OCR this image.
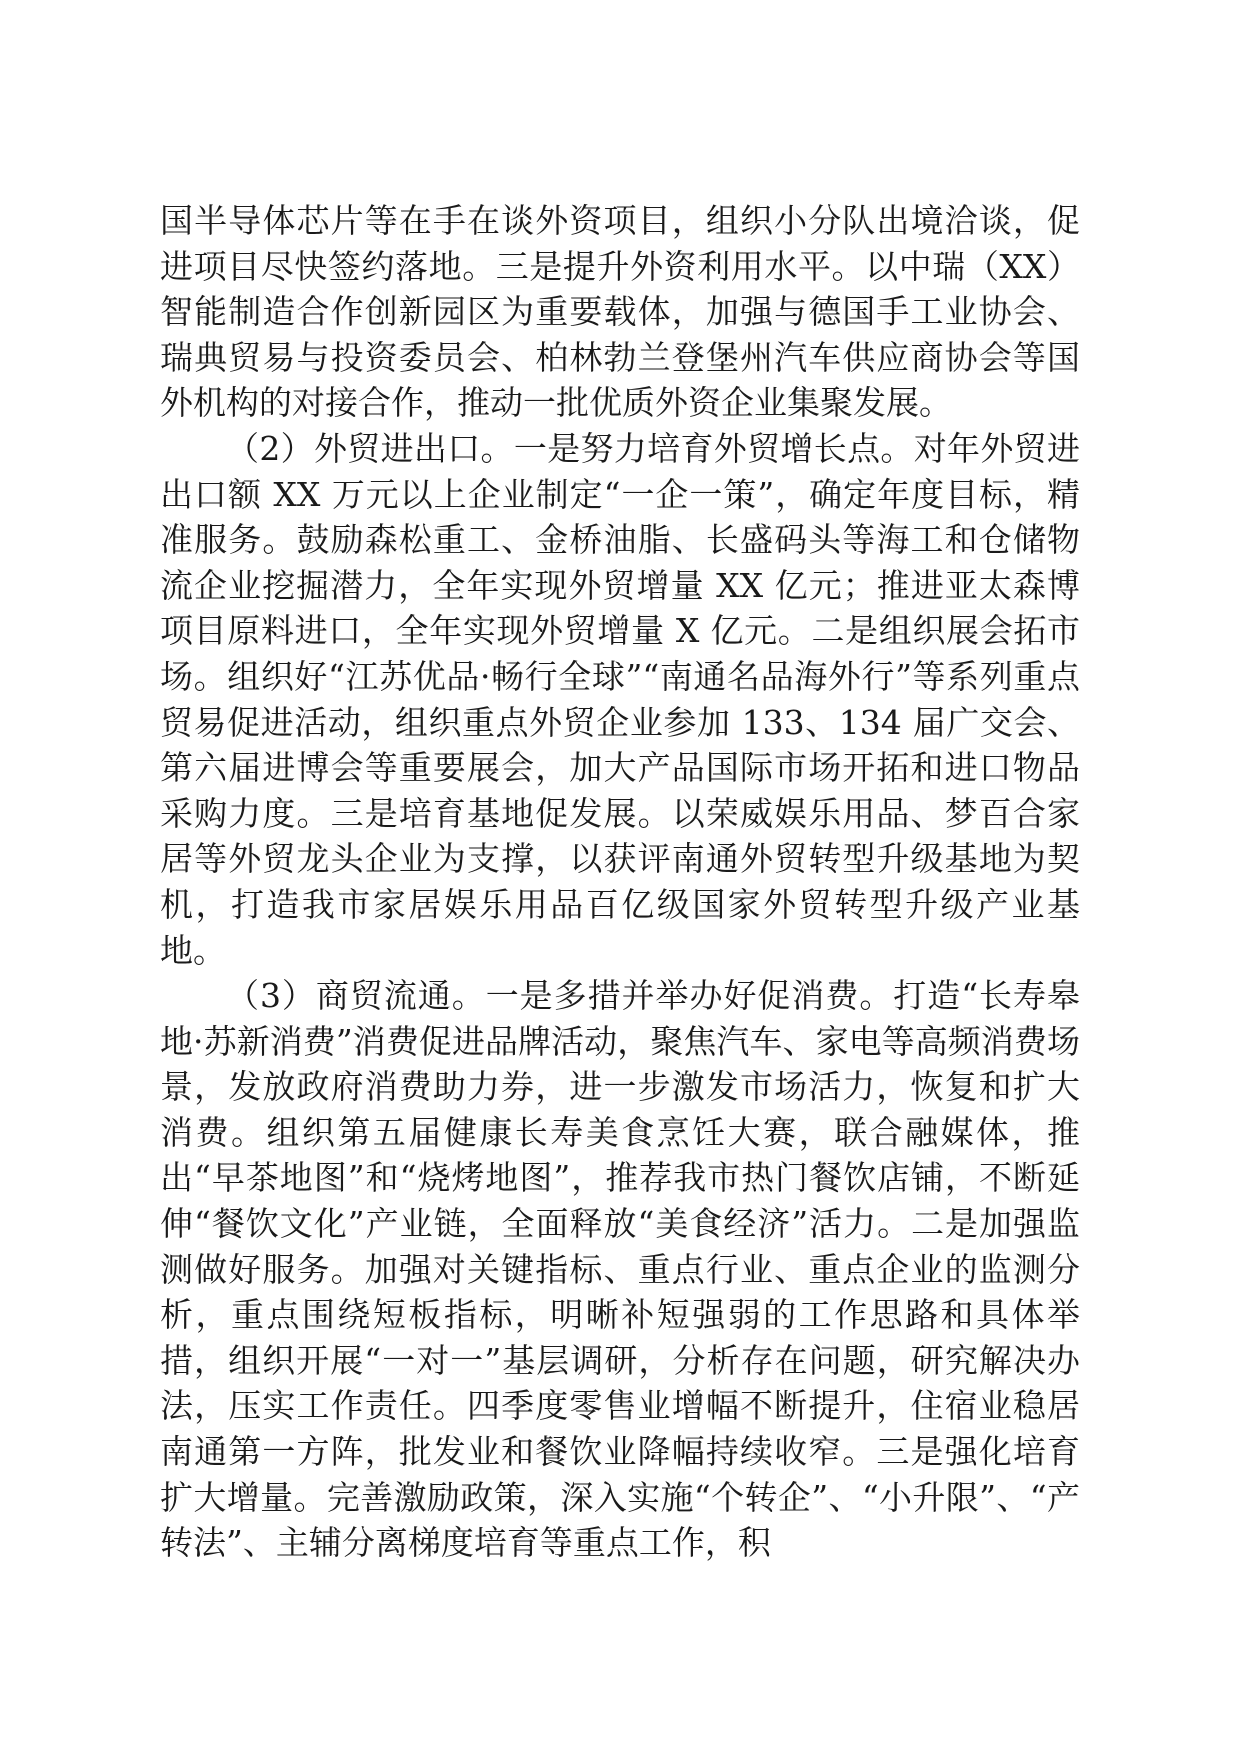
国半导体芯片等在手在谈外资项目，组织小分队出境洽谈，促进项目尽快签约落地。三是提升外资利用水平。以中瑞（XX）智能制造合作创新园区为重要载体，加强与德国手工业协会、瑞典贸易与投资委员会、柏林勃兰登堡州汽车供应商协会等国外机构的对接合作，推动一批优质外资企业集聚发展。

（2）外贸进出口。一是努力培育外贸增长点。对年外贸进出口额 XX 万元以上企业制定“一企一策”，确定年度目标，精准服务。鼓励森松重工、金桥油脂、长盛码头等海工和仓储物流企业挖掘潜力，全年实现外贸增量 XX 亿元；推进亚太森博项目原料进口，全年实现外贸增量 X 亿元。二是组织展会拓市场。组织好“江苏优品·畅行全球”“南通名品海外行”等系列重点贸易促进活动，组织重点外贸企业参加 133、134 届广交会、第六届进博会等重要展会，加大产品国际市场开拓和进口物品采购力度。三是培育基地促发展。以荣威娱乐用品、梦百合家居等外贸龙头企业为支撑，以获评南通外贸转型升级基地为契机，打造我市家居娱乐用品百亿级国家外贸转型升级产业基地。

（3）商贸流通。一是多措并举办好促消费。打造“长寿皋地·苏新消费”消费促进品牌活动，聚焦汽车、家电等高频消费场景，发放政府消费助力券，进一步激发市场活力，恢复和扩大消费。组织第五届健康长寿美食烹饪大赛，联合融媒体，推出“早茶地图”和“烧烤地图”，推荐我市热门餐饮店铺，不断延伸“餐饮文化”产业链，全面释放“美食经济”活力。二是加强监测做好服务。加强对关键指标、重点行业、重点企业的监测分析，重点围绕短板指标，明晰补短强弱的工作思路和具体举措，组织开展“一对一”基层调研，分析存在问题，研究解决办法，压实工作责任。四季度零售业增幅不断提升，住宿业稳居南通第一方阵，批发业和餐饮业降幅持续收窄。三是强化培育扩大增量。完善激励政策，深入实施“个转企”、“小升限”、“产转法”、主辅分离梯度培育等重点工作，积
